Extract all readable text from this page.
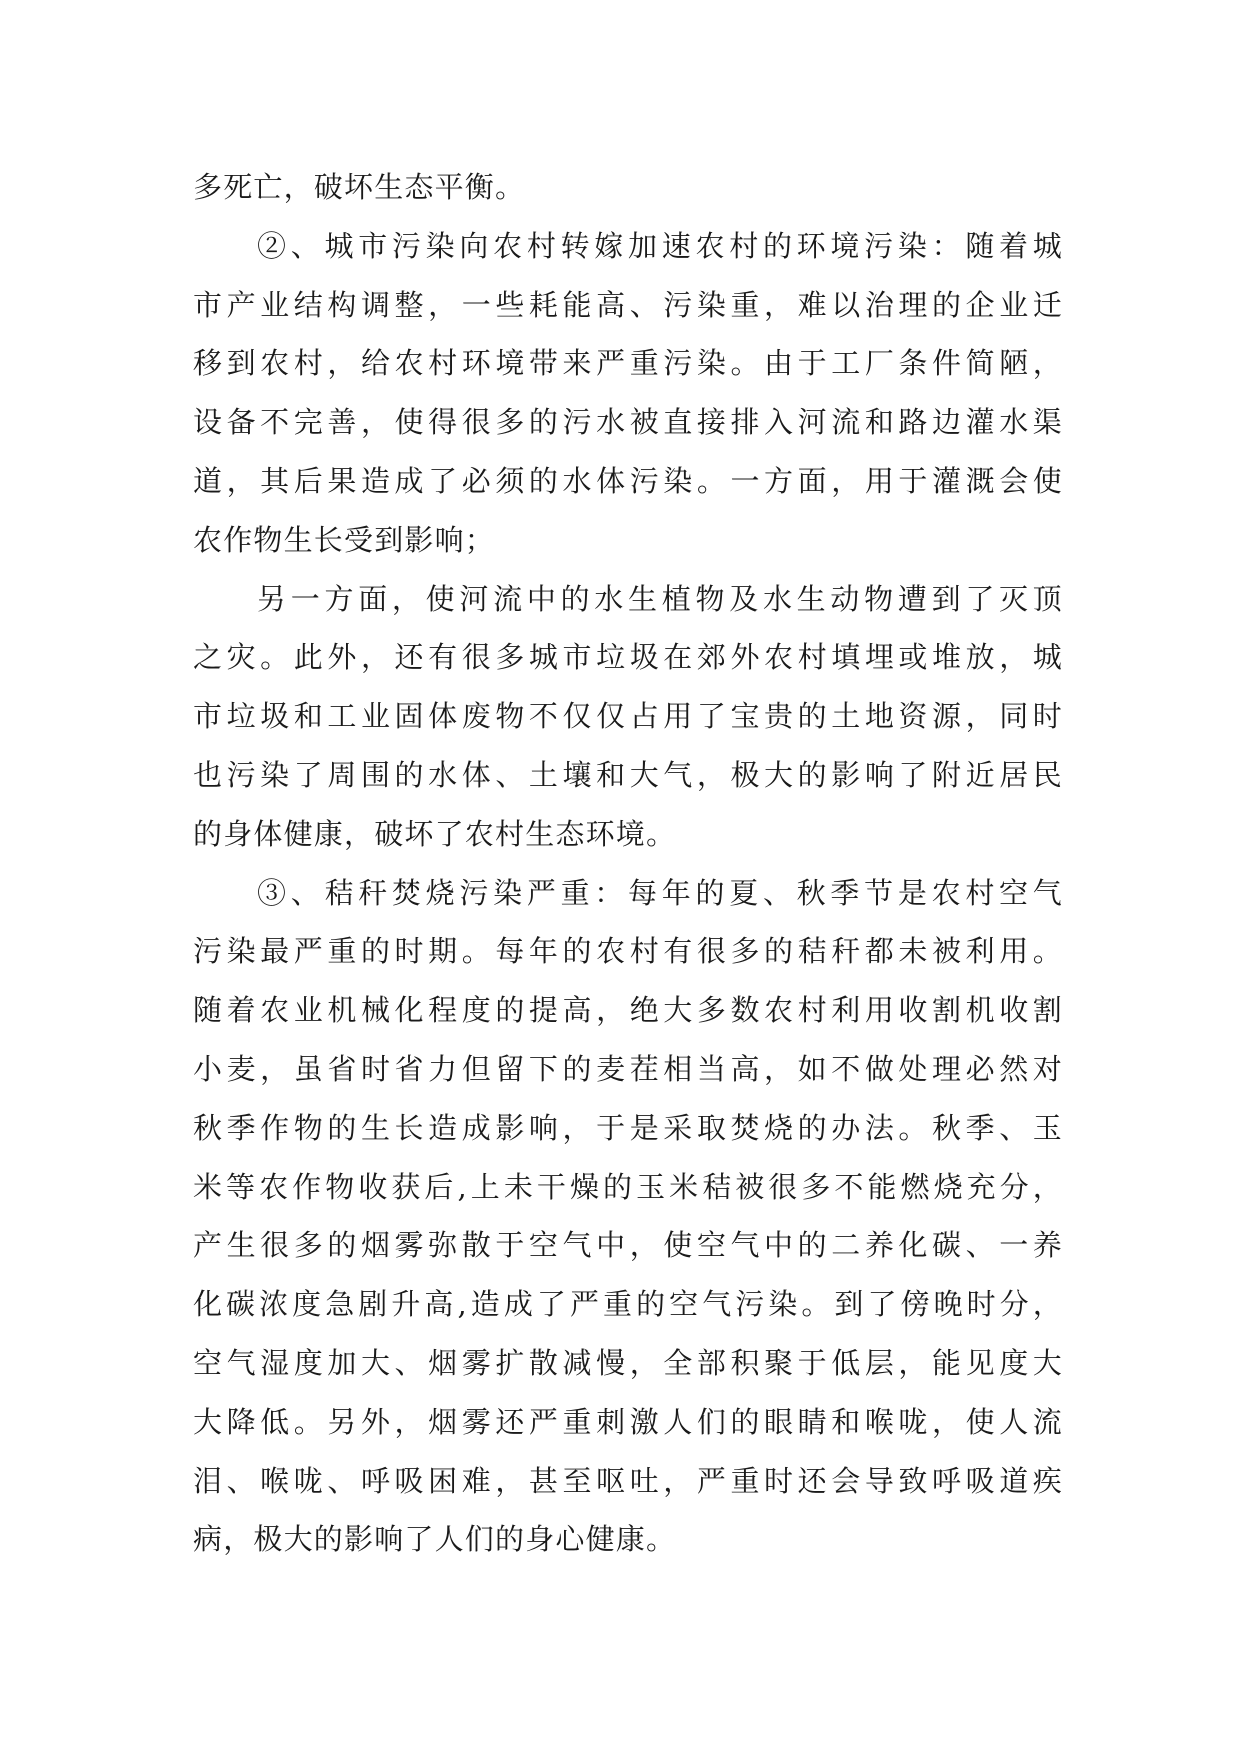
多死亡，破坏生态平衡。
②、城市污染向农村转嫁加速农村的环境污染：随着城
市产业结构调整，一些耗能高、污染重，难以治理的企业迁
移到农村，给农村环境带来严重污染。由于工厂条件简陋，
设备不完善，使得很多的污水被直接排入河流和路边灌水渠
道，其后果造成了必须的水体污染。一方面，用于灌溉会使
农作物生长受到影响；
另一方面，使河流中的水生植物及水生动物遭到了灭顶
之灾。此外，还有很多城市垃圾在郊外农村填埋或堆放，城
市垃圾和工业固体废物不仅仅占用了宝贵的土地资源，同时
也污染了周围的水体、土壤和大气，极大的影响了附近居民
的身体健康，破坏了农村生态环境。
③、秸秆焚烧污染严重：每年的夏、秋季节是农村空气
污染最严重的时期。每年的农村有很多的秸秆都未被利用。
随着农业机械化程度的提高，绝大多数农村利用收割机收割
小麦，虽省时省力但留下的麦茬相当高，如不做处理必然对
秋季作物的生长造成影响，于是采取焚烧的办法。秋季、玉
米等农作物收获后,上未干燥的玉米秸被很多不能燃烧充分，
产生很多的烟雾弥散于空气中，使空气中的二养化碳、一养
化碳浓度急剧升高,造成了严重的空气污染。到了傍晚时分，
空气湿度加大、烟雾扩散减慢，全部积聚于低层，能见度大
大降低。另外，烟雾还严重刺激人们的眼睛和喉咙，使人流
泪、喉咙、呼吸困难，甚至呕吐，严重时还会导致呼吸道疾
病，极大的影响了人们的身心健康。
